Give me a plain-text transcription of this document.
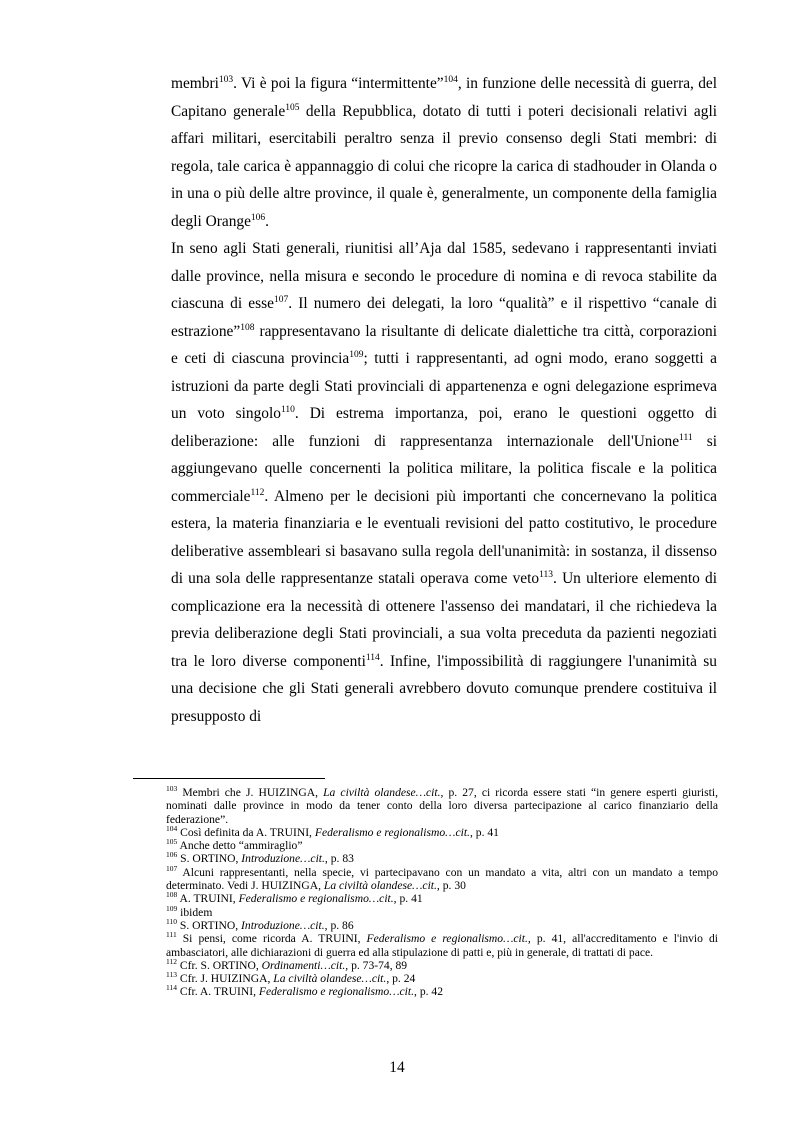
membri$^{103}$. Vi è poi la figura “intermittente”$^{104}$, in funzione delle necessità di guerra, del Capitano generale$^{105}$ della Repubblica, dotato di tutti i poteri decisionali relativi agli affari militari, esercitabili peraltro senza il previo consenso degli Stati membri: di regola, tale carica è appannaggio di colui che ricopre la carica di stadhouder in Olanda o in una o più delle altre province, il quale è, generalmente, un componente della famiglia degli Orange$^{106}$.

In seno agli Stati generali, riunitisi all’Aja dal 1585, sedevano i rappresentanti inviati dalle province, nella misura e secondo le procedure di nomina e di revoca stabilite da ciascuna di esse$^{107}$. Il numero dei delegati, la loro “qualità” e il rispettivo “canale di estrazione”$^{108}$ rappresentavano la risultante di delicate dialettiche tra città, corporazioni e ceti di ciascuna provincia$^{109}$; tutti i rappresentanti, ad ogni modo, erano soggetti a istruzioni da parte degli Stati provinciali di appartenenza e ogni delegazione esprimeva un voto singolo$^{110}$. Di estrema importanza, poi, erano le questioni oggetto di deliberazione: alle funzioni di rappresentanza internazionale dell'Unione$^{111}$ si aggiungevano quelle concernenti la politica militare, la politica fiscale e la politica commerciale$^{112}$. Almeno per le decisioni più importanti che concernevano la politica estera, la materia finanziaria e le eventuali revisioni del patto costitutivo, le procedure deliberative assembleari si basavano sulla regola dell'unanimità: in sostanza, il dissenso di una sola delle rappresentanze statali operava come veto$^{113}$. Un ulteriore elemento di complicazione era la necessità di ottenere l'assenso dei mandatari, il che richiedeva la previa deliberazione degli Stati provinciali, a sua volta preceduta da pazienti negoziati tra le loro diverse componenti$^{114}$. Infine, l'impossibilità di raggiungere l'unanimità su una decisione che gli Stati generali avrebbero dovuto comunque prendere costituiva il presupposto di

$^{103}$ Membri che J. HUIZINGA, La civiltà olandese…cit., p. 27, ci ricorda essere stati “in genere esperti giuristi, nominati dalle province in modo da tener conto della loro diversa partecipazione al carico finanziario della federazione”.

$^{104}$ Così definita da A. TRUINI, Federalismo e regionalismo…cit., p. 41

$^{105}$ Anche detto “ammiraglio”

$^{106}$ S. ORTINO, Introduzione…cit., p. 83

$^{107}$ Alcuni rappresentanti, nella specie, vi partecipavano con un mandato a vita, altri con un mandato a tempo determinato. Vedi J. HUIZINGA, La civiltà olandese…cit., p. 30

$^{108}$ A. TRUINI, Federalismo e regionalismo…cit., p. 41

$^{109}$ ibidem

$^{110}$ S. ORTINO, Introduzione…cit., p. 86

$^{111}$ Si pensi, come ricorda A. TRUINI, Federalismo e regionalismo…cit., p. 41, all'accreditamento e l'invio di ambasciatori, alle dichiarazioni di guerra ed alla stipulazione di patti e, più in generale, di trattati di pace.

$^{112}$ Cfr. S. ORTINO, Ordinamenti…cit., p. 73-74, 89

$^{113}$ Cfr. J. HUIZINGA, La civiltà olandese…cit., p. 24

$^{114}$ Cfr. A. TRUINI, Federalismo e regionalismo…cit., p. 42

14
